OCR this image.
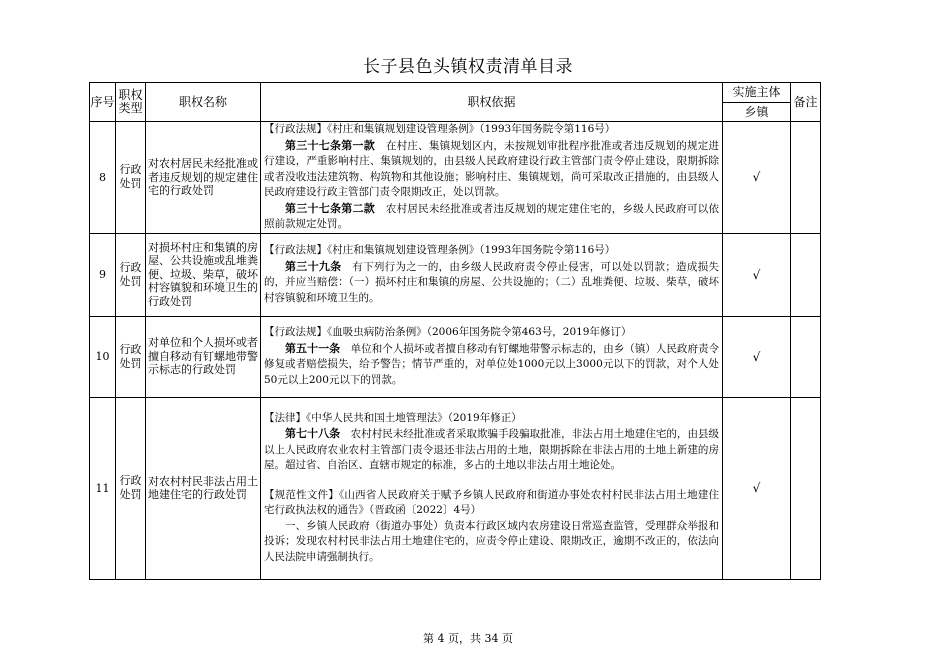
长子县色头镇权责清单目录
序号	职权类型	职权名称	职权依据	实施主体	备注
				乡镇	
8	行政处罚	对农村居民未经批准或者违反规划的规定建住宅的行政处罚	【行政法规】《村庄和集镇规划建设管理条例》（1993年国务院令第116号）
第三十七条第一款　在村庄、集镇规划区内，未按规划审批程序批准或者违反规划的规定进行建设，严重影响村庄、集镇规划的，由县级人民政府建设行政主管部门责令停止建设，限期拆除或者没收违法建筑物、构筑物和其他设施；影响村庄、集镇规划，尚可采取改正措施的，由县级人民政府建设行政主管部门责令限期改正，处以罚款。
第三十七条第二款　农村居民未经批准或者违反规划的规定建住宅的，乡级人民政府可以依照前款规定处罚。	√	
9	行政处罚	对损坏村庄和集镇的房屋、公共设施或乱堆粪便、垃圾、柴草，破坏村容镇貌和环境卫生的行政处罚	【行政法规】《村庄和集镇规划建设管理条例》（1993年国务院令第116号）
第三十九条　有下列行为之一的，由乡级人民政府责令停止侵害，可以处以罚款；造成损失的，并应当赔偿：（一）损坏村庄和集镇的房屋、公共设施的；（二）乱堆粪便、垃圾、柴草，破坏村容镇貌和环境卫生的。	√	
10	行政处罚	对单位和个人损坏或者擅自移动有钉螺地带警示标志的行政处罚	【行政法规】《血吸虫病防治条例》（2006年国务院令第463号，2019年修订）
第五十一条　单位和个人损坏或者擅自移动有钉螺地带警示标志的，由乡（镇）人民政府责令修复或者赔偿损失，给予警告；情节严重的，对单位处1000元以上3000元以下的罚款，对个人处50元以上200元以下的罚款。	√	
11	行政处罚	对农村村民非法占用土地建住宅的行政处罚	【法律】《中华人民共和国土地管理法》（2019年修正）
第七十八条　农村村民未经批准或者采取欺骗手段骗取批准，非法占用土地建住宅的，由县级以上人民政府农业农村主管部门责令退还非法占用的土地，限期拆除在非法占用的土地上新建的房屋。超过省、自治区、直辖市规定的标准，多占的土地以非法占用土地论处。
【规范性文件】《山西省人民政府关于赋予乡镇人民政府和街道办事处农村村民非法占用土地建住宅行政执法权的通告》（晋政函〔2022〕4号）
一、乡镇人民政府（街道办事处）负责本行政区域内农房建设日常巡查监管，受理群众举报和投诉；发现农村村民非法占用土地建住宅的，应责令停止建设、限期改正，逾期不改正的，依法向人民法院申请强制执行。	√	
第 4 页，共 34 页
